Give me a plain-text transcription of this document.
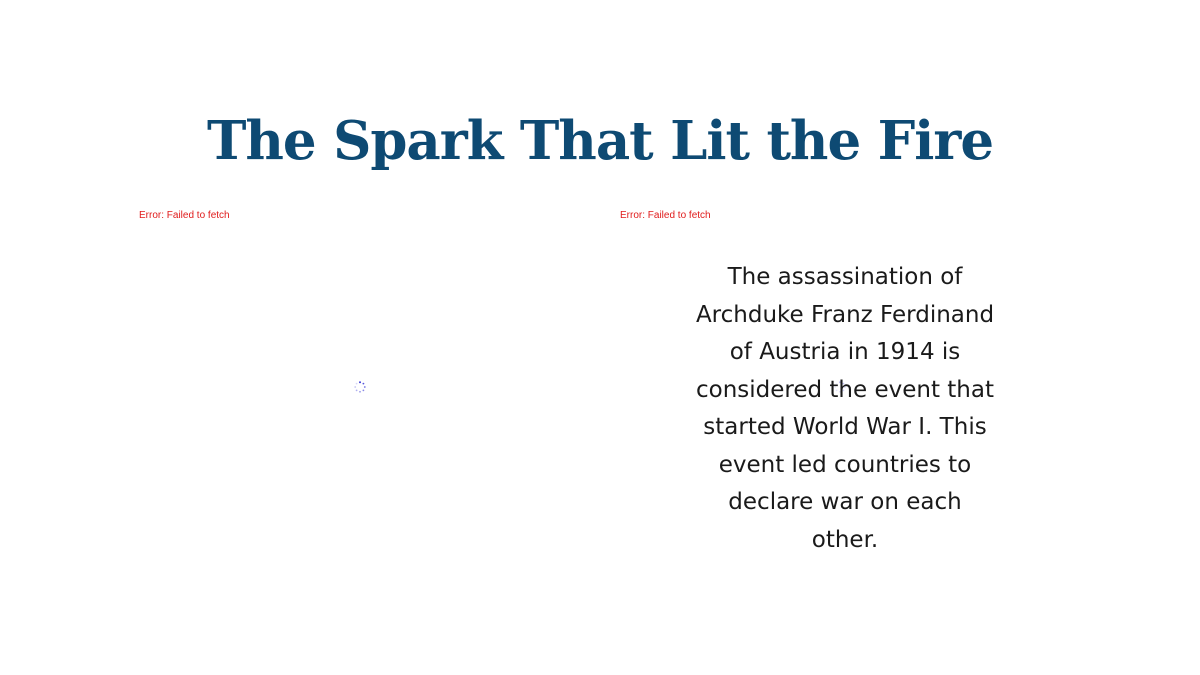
The Spark That Lit the Fire
Error: Failed to fetch	Error: Failed to fetch

The assassination of Archduke Franz Ferdinand of Austria in 1914 is considered the event that started World War I. This event led countries to declare war on each other.
